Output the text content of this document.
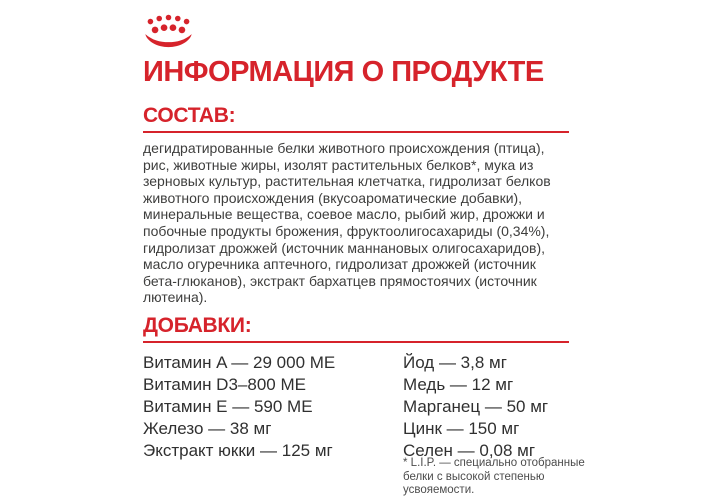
ИНФОРМАЦИЯ О ПРОДУКТЕ
СОСТАВ:

дегидратированные белки животного происхождения (птица), рис, животные жиры, изолят растительных белков*, мука из зерновых культур, растительная клетчатка, гидролизат белков животного происхождения (вкусоароматические добавки), минеральные вещества, соевое масло, рыбий жир, дрожжи и побочные продукты брожения, фруктоолигосахариды (0,34%), гидролизат дрожжей (источник маннановых олигосахаридов), масло огуречника аптечного, гидролизат дрожжей (источник бета-глюканов), экстракт бархатцев прямостоячих (источник лютеина).

ДОБАВКИ:
Витамин A — 29 000 МЕ
Витамин D3–800 МЕ
Витамин E — 590 МЕ
Железо — 38 мг
Экстракт юкки — 125 мг
Йод — 3,8 мг
Медь — 12 мг
Марганец — 50 мг
Цинк — 150 мг
Селен — 0,08 мг
* L.I.P. — специально отобранные белки с высокой степенью усвояемости.
